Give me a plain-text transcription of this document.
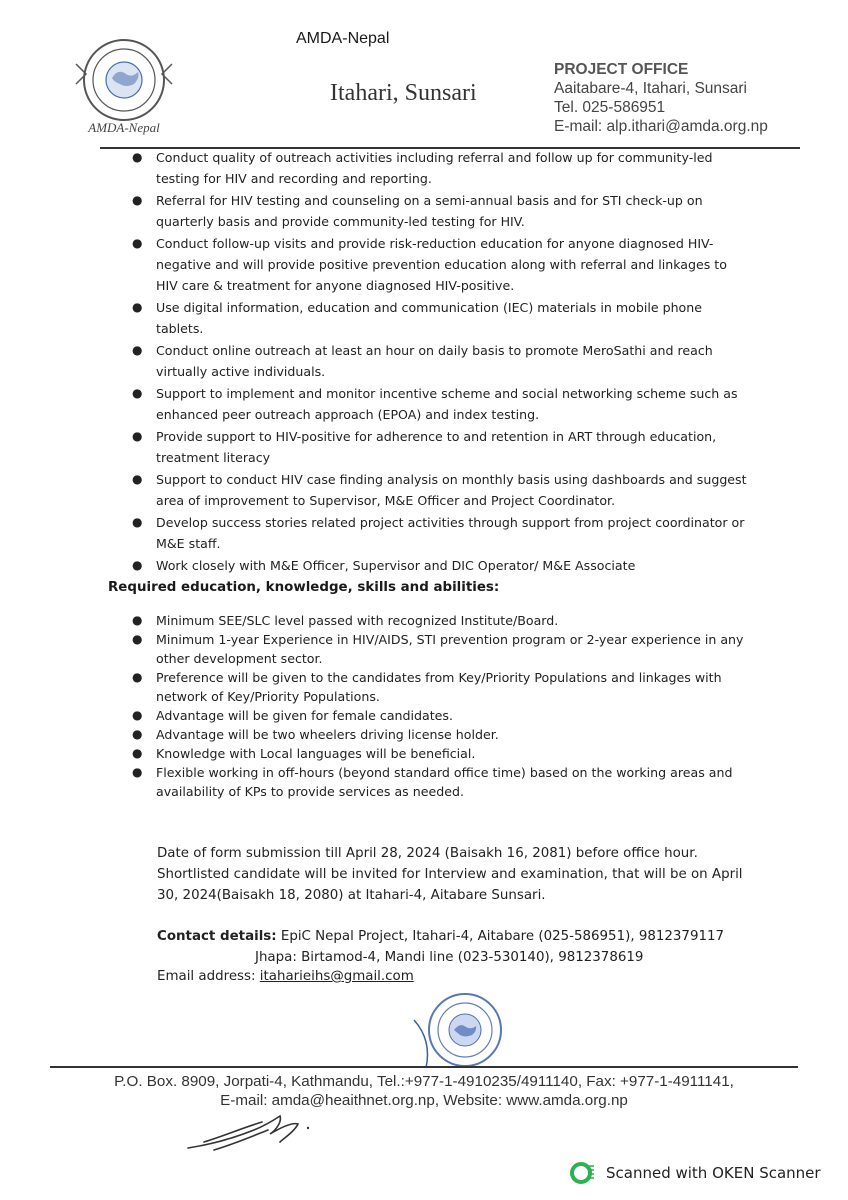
AMDA-Nepal
AMDA-Nepal
Itahari, Sunsari
PROJECT OFFICE
Aaitabare-4, Itahari, Sunsari
Tel. 025-586951
E-mail: alp.ithari@amda.org.np
● Conduct quality of outreach activities including referral and follow up for community-led testing for HIV and recording and reporting.
● Referral for HIV testing and counseling on a semi-annual basis and for STI check-up on quarterly basis and provide community-led testing for HIV.
● Conduct follow-up visits and provide risk-reduction education for anyone diagnosed HIV-negative and will provide positive prevention education along with referral and linkages to HIV care & treatment for anyone diagnosed HIV-positive.
● Use digital information, education and communication (IEC) materials in mobile phone tablets.
● Conduct online outreach at least an hour on daily basis to promote MeroSathi and reach virtually active individuals.
● Support to implement and monitor incentive scheme and social networking scheme such as enhanced peer outreach approach (EPOA) and index testing.
● Provide support to HIV-positive for adherence to and retention in ART through education, treatment literacy
● Support to conduct HIV case finding analysis on monthly basis using dashboards and suggest area of improvement to Supervisor, M&E Officer and Project Coordinator.
● Develop success stories related project activities through support from project coordinator or M&E staff.
● Work closely with M&E Officer, Supervisor and DIC Operator/ M&E Associate
Required education, knowledge, skills and abilities:
● Minimum SEE/SLC level passed with recognized Institute/Board.
● Minimum 1-year Experience in HIV/AIDS, STI prevention program or 2-year experience in any other development sector.
● Preference will be given to the candidates from Key/Priority Populations and linkages with network of Key/Priority Populations.
● Advantage will be given for female candidates.
● Advantage will be two wheelers driving license holder.
● Knowledge with Local languages will be beneficial.
● Flexible working in off-hours (beyond standard office time) based on the working areas and availability of KPs to provide services as needed.
Date of form submission till April 28, 2024 (Baisakh 16, 2081) before office hour. Shortlisted candidate will be invited for Interview and examination, that will be on April 30, 2024(Baisakh 18, 2080) at Itahari-4, Aitabare Sunsari.
Contact details: EpiC Nepal Project, Itahari-4, Aitabare (025-586951), 9812379117
Jhapa: Birtamod-4, Mandi line (023-530140), 9812378619
Email address: itaharieihs@gmail.com
P.O. Box. 8909, Jorpati-4, Kathmandu, Tel.:+977-1-4910235/4911140, Fax: +977-1-4911141,
E-mail: amda@heaithnet.org.np, Website: www.amda.org.np
Scanned with OKEN Scanner
